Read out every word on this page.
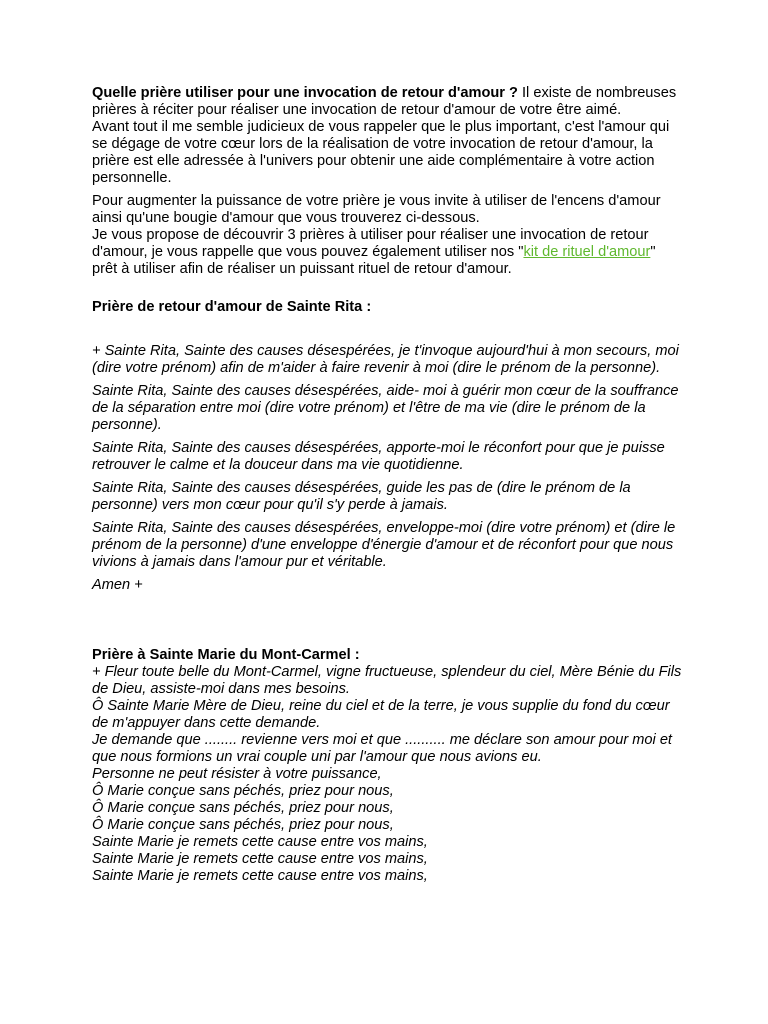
Quelle prière utiliser pour une invocation de retour d'amour ? Il existe de nombreuses prières à réciter pour réaliser une invocation de retour d'amour de votre être aimé.

Avant tout il me semble judicieux de vous rappeler que le plus important, c'est l'amour qui se dégage de votre cœur lors de la réalisation de votre invocation de retour d'amour, la prière est elle adressée à l'univers pour obtenir une aide complémentaire à votre action personnelle.

Pour augmenter la puissance de votre prière je vous invite à utiliser de l'encens d'amour ainsi qu'une bougie d'amour que vous trouverez ci-dessous.

Je vous propose de découvrir 3 prières à utiliser pour réaliser une invocation de retour d'amour, je vous rappelle que vous pouvez également utiliser nos "kit de rituel d'amour" prêt à utiliser afin de réaliser un puissant rituel de retour d'amour.

Prière de retour d'amour de Sainte Rita :

+ Sainte Rita, Sainte des causes désespérées, je t'invoque aujourd'hui à mon secours, moi (dire votre prénom) afin de m'aider à faire revenir à moi (dire le prénom de la personne).

Sainte Rita, Sainte des causes désespérées, aide- moi à guérir mon cœur de la souffrance de la séparation entre moi (dire votre prénom) et l'être de ma vie (dire le prénom de la personne).

Sainte Rita, Sainte des causes désespérées, apporte-moi le réconfort pour que je puisse retrouver le calme et la douceur dans ma vie quotidienne.

Sainte Rita, Sainte des causes désespérées, guide les pas de (dire le prénom de la personne) vers mon cœur pour qu'il s'y perde à jamais.

Sainte Rita, Sainte des causes désespérées, enveloppe-moi (dire votre prénom) et (dire le prénom de la personne) d'une enveloppe d'énergie d'amour et de réconfort pour que nous vivions à jamais dans l'amour pur et véritable.

Amen +

Prière à Sainte Marie du Mont-Carmel :

+ Fleur toute belle du Mont-Carmel, vigne fructueuse, splendeur du ciel, Mère Bénie du Fils de Dieu, assiste-moi dans mes besoins.

Ô Sainte Marie Mère de Dieu, reine du ciel et de la terre, je vous supplie du fond du cœur de m'appuyer dans cette demande.

Je demande que ........ revienne vers moi et que .......... me déclare son amour pour moi et que nous formions un vrai couple uni par l'amour que nous avions eu.

Personne ne peut résister à votre puissance,

Ô Marie conçue sans péchés, priez pour nous,

Ô Marie conçue sans péchés, priez pour nous,

Ô Marie conçue sans péchés, priez pour nous,

Sainte Marie je remets cette cause entre vos mains,

Sainte Marie je remets cette cause entre vos mains,

Sainte Marie je remets cette cause entre vos mains,
